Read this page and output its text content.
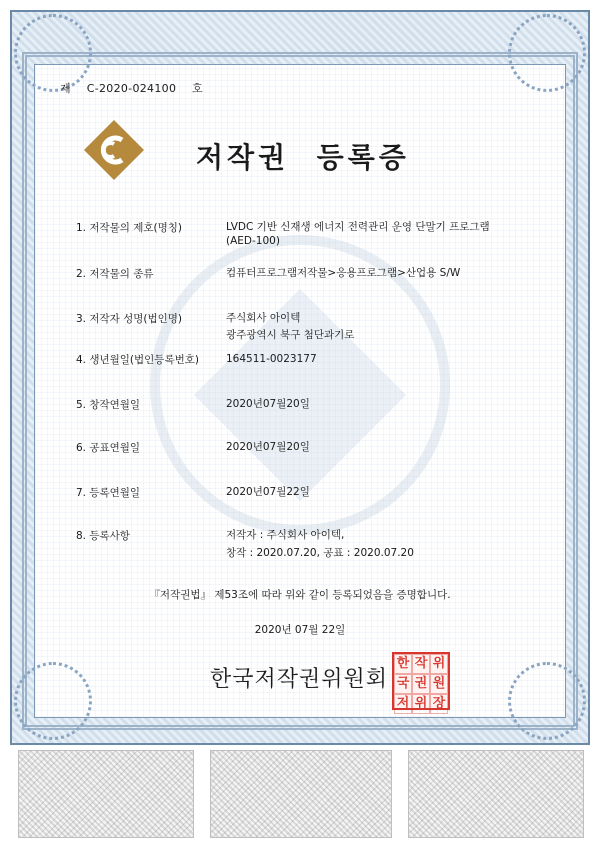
제 C-2020-024100 호
저작권  등록증
1. 저작물의 제호(명칭)	LVDC 기반 신재생 에너지 전력관리 운영 단말기 프로그램
(AED-100)
2. 저작물의 종류	컴퓨터프로그램저작물>응용프로그램>산업용 S/W
3. 저작자 성명(법인명)	주식회사 아이텍
광주광역시 북구 첨단과기로
4. 생년월일(법인등록번호)	164511-0023177
5. 창작연월일	2020년07월20일
6. 공표연월일	2020년07월20일
7. 등록연월일	2020년07월22일
8. 등록사항	저작자 : 주식회사 아이텍,
창작 : 2020.07.20, 공표 : 2020.07.20
『저작권법』 제53조에 따라 위와 같이 등록되었음을 증명합니다.
2020년 07월 22일
한국저작권위원회
한 작 위
국 권 원
저 위 장
